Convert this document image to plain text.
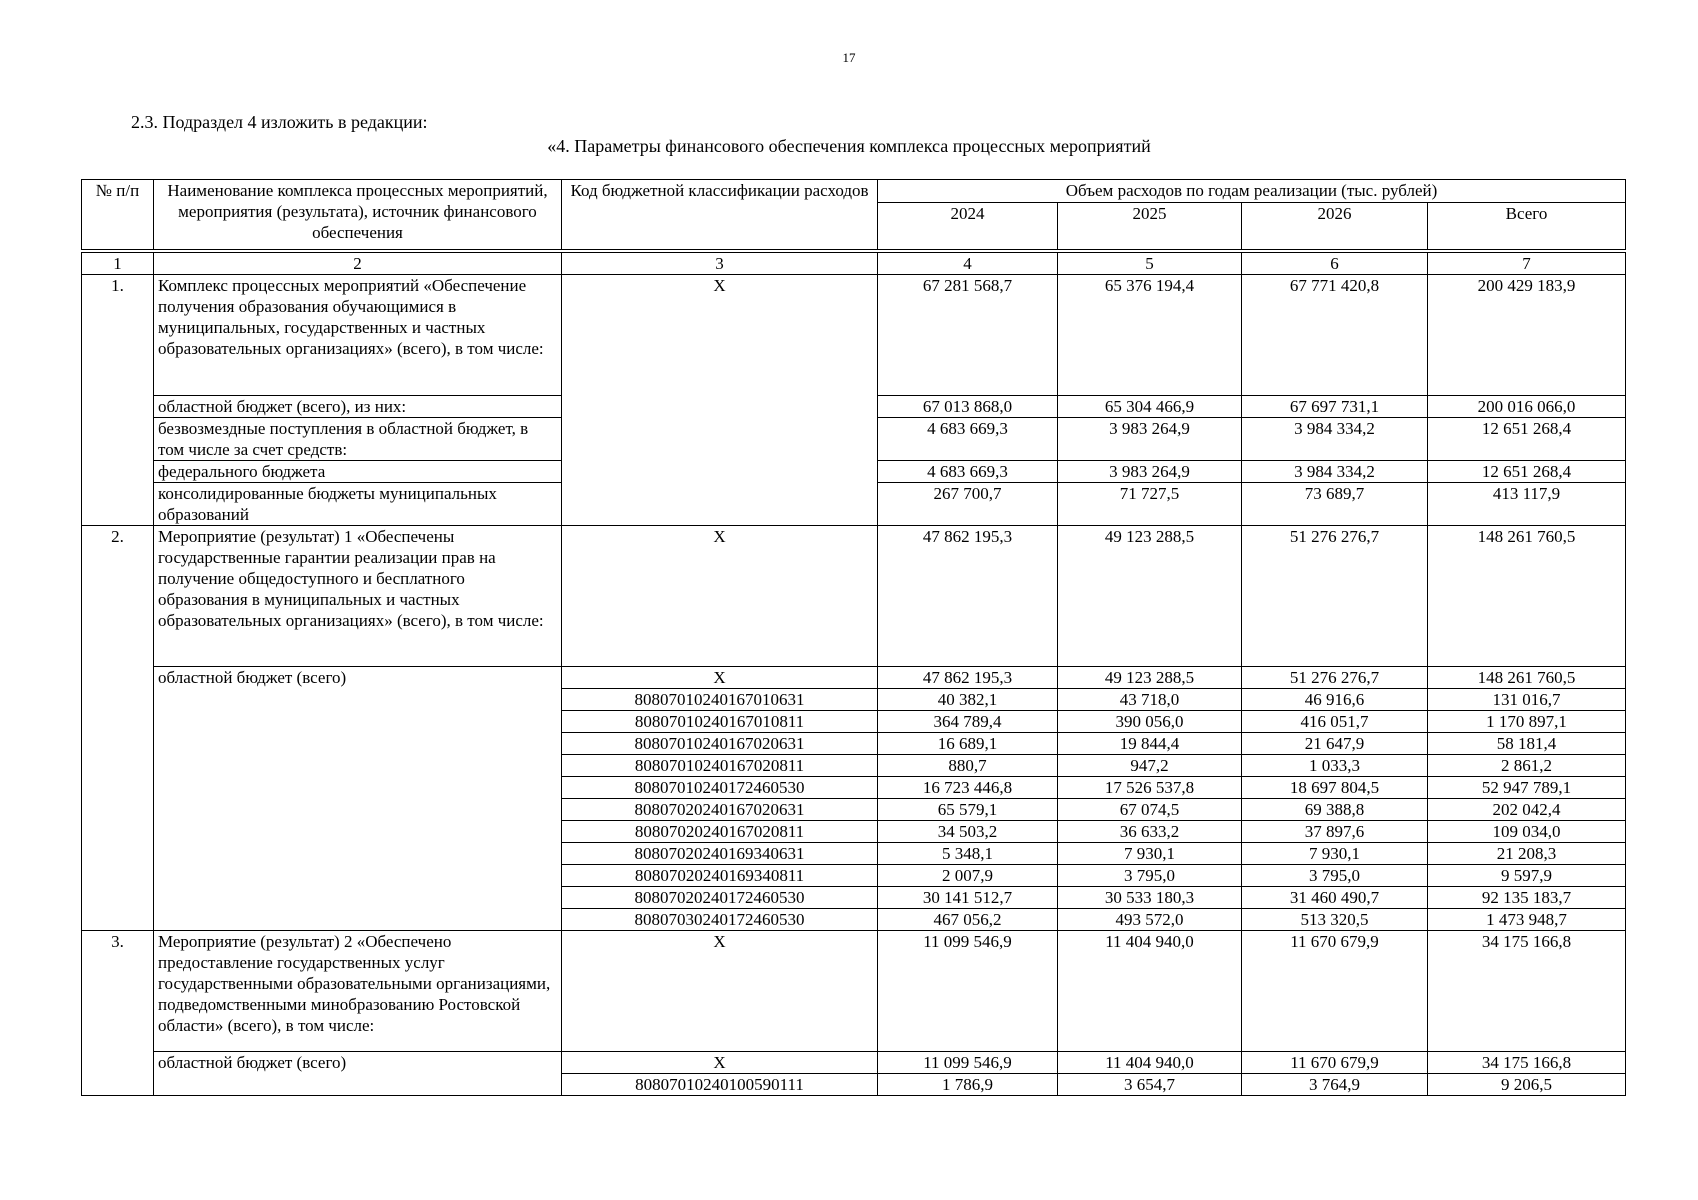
17
2.3. Подраздел 4 изложить в редакции:
«4. Параметры финансового обеспечения комплекса процессных мероприятий
№ п/п	Наименование комплекса процессных мероприятий, мероприятия (результата), источник финансового обеспечения	Код бюджетной классификации расходов	Объем расходов по годам реализации (тыс. рублей)			
			2024	2025	2026	Всего
1	2	3	4	5	6	7
1.	Комплекс процессных мероприятий «Обеспечение получения образования обучающимися в муниципальных, государственных и частных образовательных организациях» (всего), в том числе:	X	67 281 568,7	65 376 194,4	67 771 420,8	200 429 183,9
	областной бюджет (всего), из них:		67 013 868,0	65 304 466,9	67 697 731,1	200 016 066,0
	безвозмездные поступления в областной бюджет, в том числе за счет средств:		4 683 669,3	3 983 264,9	3 984 334,2	12 651 268,4
	федерального бюджета		4 683 669,3	3 983 264,9	3 984 334,2	12 651 268,4
	консолидированные бюджеты муниципальных образований		267 700,7	71 727,5	73 689,7	413 117,9
2.	Мероприятие (результат) 1 «Обеспечены государственные гарантии реализации прав на получение общедоступного и бесплатного образования в муниципальных и частных образовательных организациях» (всего), в том числе:	X	47 862 195,3	49 123 288,5	51 276 276,7	148 261 760,5
	областной бюджет (всего)	X	47 862 195,3	49 123 288,5	51 276 276,7	148 261 760,5
		80807010240167010631	40 382,1	43 718,0	46 916,6	131 016,7
		80807010240167010811	364 789,4	390 056,0	416 051,7	1 170 897,1
		80807010240167020631	16 689,1	19 844,4	21 647,9	58 181,4
		80807010240167020811	880,7	947,2	1 033,3	2 861,2
		80807010240172460530	16 723 446,8	17 526 537,8	18 697 804,5	52 947 789,1
		80807020240167020631	65 579,1	67 074,5	69 388,8	202 042,4
		80807020240167020811	34 503,2	36 633,2	37 897,6	109 034,0
		80807020240169340631	5 348,1	7 930,1	7 930,1	21 208,3
		80807020240169340811	2 007,9	3 795,0	3 795,0	9 597,9
		80807020240172460530	30 141 512,7	30 533 180,3	31 460 490,7	92 135 183,7
		80807030240172460530	467 056,2	493 572,0	513 320,5	1 473 948,7
3.	Мероприятие (результат) 2 «Обеспечено предоставление государственных услуг государственными образовательными организациями, подведомственными минобразованию Ростовской области» (всего), в том числе:	X	11 099 546,9	11 404 940,0	11 670 679,9	34 175 166,8
	областной бюджет (всего)	X	11 099 546,9	11 404 940,0	11 670 679,9	34 175 166,8
		80807010240100590111	1 786,9	3 654,7	3 764,9	9 206,5
